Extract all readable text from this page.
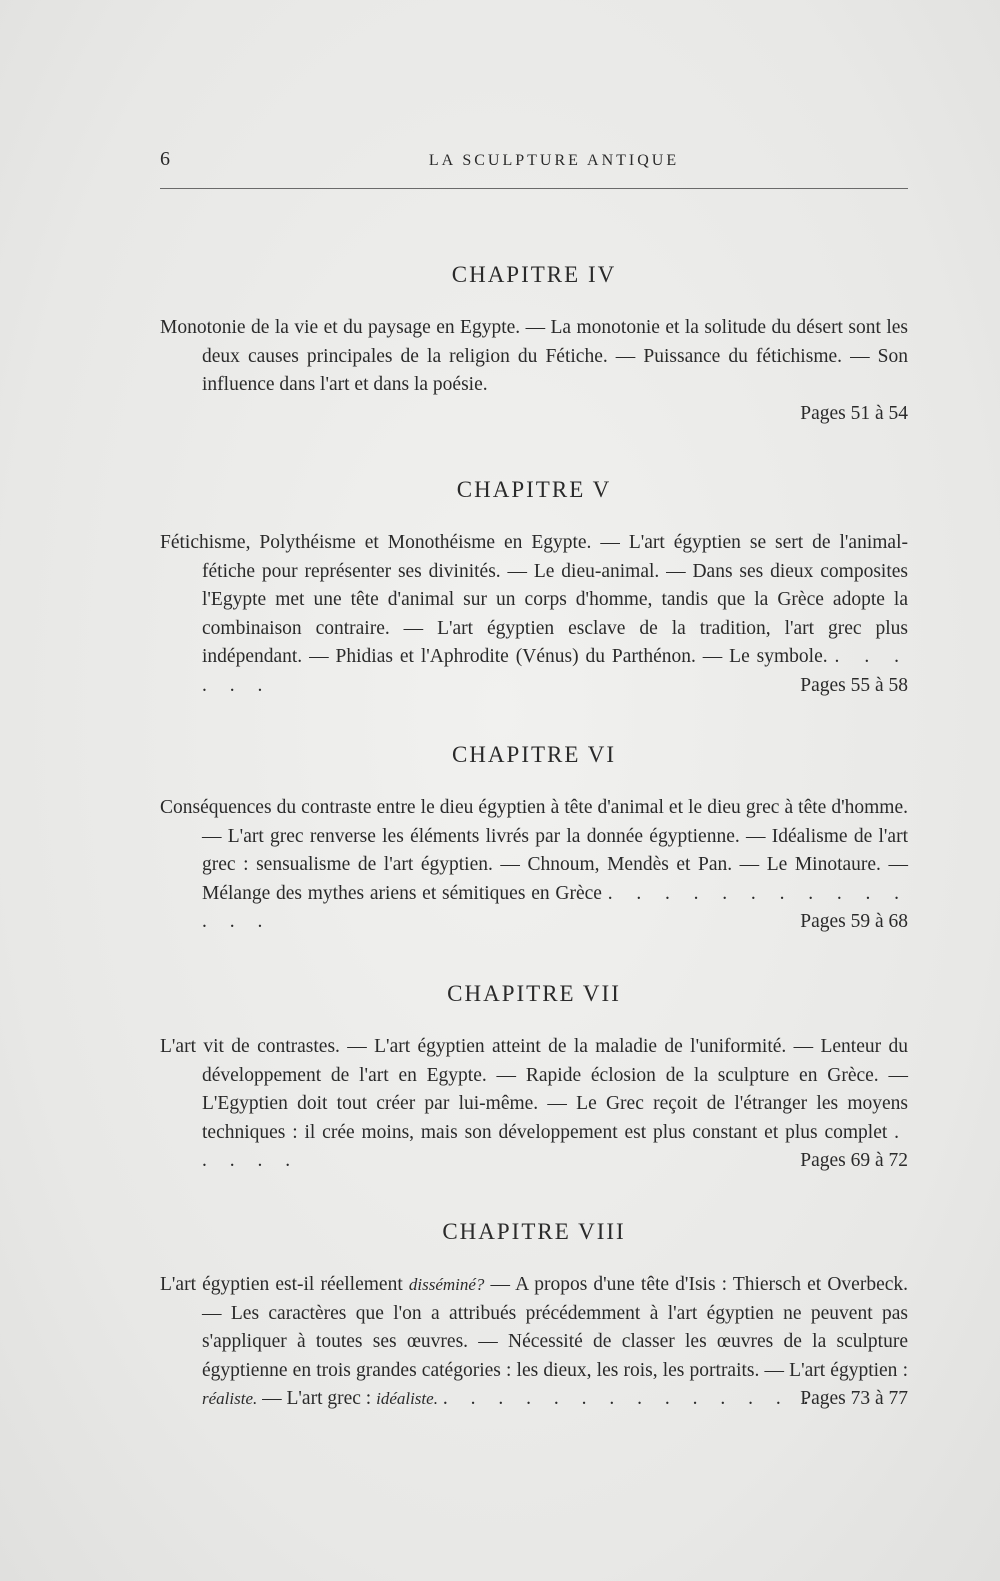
6	LA SCULPTURE ANTIQUE
CHAPITRE IV

Monotonie de la vie et du paysage en Egypte. — La monotonie et la solitude du désert sont les deux causes principales de la religion du Fétiche. — Puissance du fétichisme. — Son influence dans l'art et dans la poésie.

Pages 51 à 54
CHAPITRE V

Fétichisme, Polythéisme et Monothéisme en Egypte. — L'art égyptien se sert de l'animal-fétiche pour représenter ses divinités. — Le dieu-animal. — Dans ses dieux composites l'Egypte met une tête d'animal sur un corps d'homme, tandis que la Grèce adopte la combinaison contraire. — L'art égyptien esclave de la tradition, l'art grec plus indépendant. — Phidias et l'Aphrodite (Vénus) du Parthénon. — Le symbole. . . . . . .	Pages 55 à 58

CHAPITRE VI

Conséquences du contraste entre le dieu égyptien à tête d'animal et le dieu grec à tête d'homme. — L'art grec renverse les éléments livrés par la donnée égyptienne. — Idéalisme de l'art grec : sensualisme de l'art égyptien. — Chnoum, Mendès et Pan. — Le Minotaure. — Mélange des mythes ariens et sémitiques en Grèce . . . . . . . . . . . . . .	Pages 59 à 68

CHAPITRE VII

L'art vit de contrastes. — L'art égyptien atteint de la maladie de l'uniformité. — Lenteur du développement de l'art en Egypte. — Rapide éclosion de la sculpture en Grèce. — L'Egyptien doit tout créer par lui-même. — Le Grec reçoit de l'étranger les moyens techniques : il crée moins, mais son développement est plus constant et plus complet . . . . .	Pages 69 à 72

CHAPITRE VIII

L'art égyptien est-il réellement disséminé? — A propos d'une tête d'Isis : Thiersch et Overbeck. — Les caractères que l'on a attribués précédemment à l'art égyptien ne peuvent pas s'appliquer à toutes ses œuvres. — Nécessité de classer les œuvres de la sculpture égyptienne en trois grandes catégories : les dieux, les rois, les portraits. — L'art égyptien : réaliste. — L'art grec : idéaliste. . . . . . . . . . . . . . .
Pages 73 à 77
